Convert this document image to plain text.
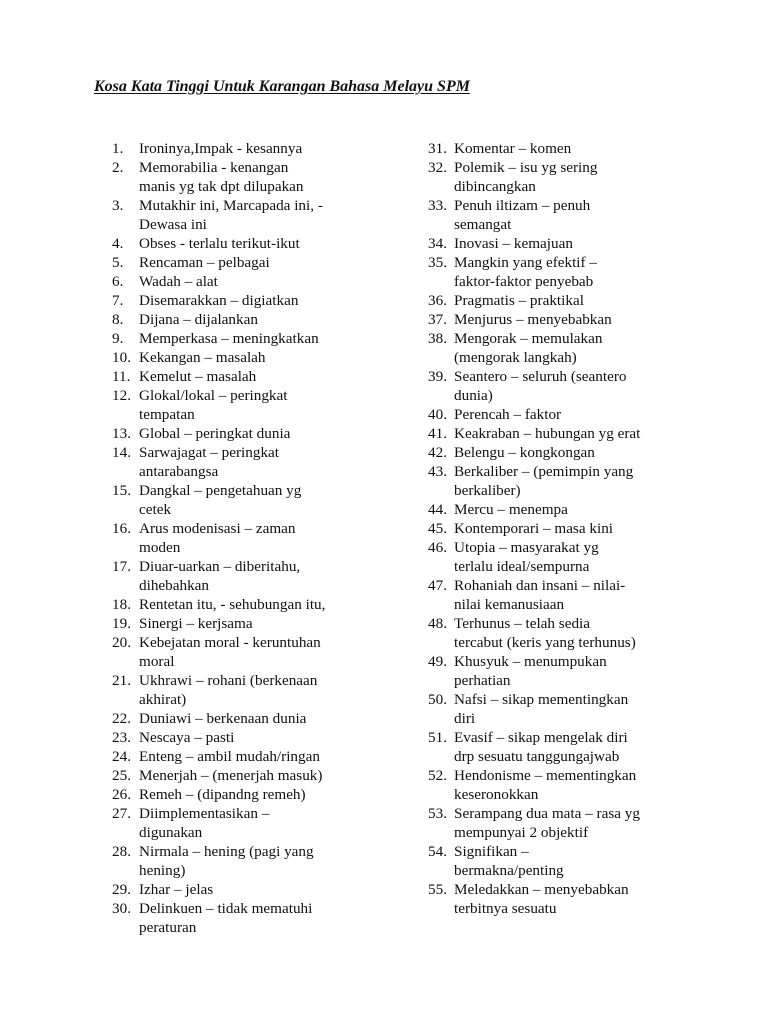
Kosa Kata Tinggi Untuk Karangan Bahasa Melayu SPM
1.	Ironinya,Impak - kesannya
2.	Memorabilia - kenangan
manis yg tak dpt dilupakan
3.	Mutakhir ini, Marcapada ini, -
Dewasa ini
4.	Obses - terlalu terikut-ikut
5.	Rencaman – pelbagai
6.	Wadah – alat
7.	Disemarakkan – digiatkan
8.	Dijana – dijalankan
9.	Memperkasa – meningkatkan
10. Kekangan – masalah
11. Kemelut – masalah
12. Glokal/lokal – peringkat
tempatan
13. Global – peringkat dunia
14. Sarwajagat – peringkat
antarabangsa
15. Dangkal – pengetahuan yg
cetek
16. Arus modenisasi – zaman
moden
17. Diuar-uarkan – diberitahu,
dihebahkan
18. Rentetan itu, - sehubungan itu,
19. Sinergi – kerjsama
20. Kebejatan moral - keruntuhan
moral
21. Ukhrawi – rohani (berkenaan
akhirat)
22. Duniawi – berkenaan dunia
23. Nescaya – pasti
24. Enteng – ambil mudah/ringan
25. Menerjah – (menerjah masuk)
26. Remeh – (dipandng remeh)
27. Diimplementasikan –
digunakan
28. Nirmala – hening (pagi yang
hening)
29. Izhar – jelas
30. Delinkuen – tidak mematuhi
peraturan
31. Komentar – komen
32. Polemik – isu yg sering
dibincangkan
33. Penuh iltizam – penuh
semangat
34. Inovasi – kemajuan
35. Mangkin yang efektif –
faktor-faktor penyebab
36. Pragmatis – praktikal
37. Menjurus – menyebabkan
38. Mengorak – memulakan
(mengorak langkah)
39. Seantero – seluruh (seantero
dunia)
40. Perencah – faktor
41. Keakraban – hubungan yg erat
42. Belengu – kongkongan
43. Berkaliber – (pemimpin yang
berkaliber)
44. Mercu – menempa
45. Kontemporari – masa kini
46. Utopia – masyarakat yg
terlalu ideal/sempurna
47. Rohaniah dan insani – nilai-
nilai kemanusiaan
48. Terhunus – telah sedia
tercabut (keris yang terhunus)
49. Khusyuk – menumpukan
perhatian
50. Nafsi – sikap mementingkan
diri
51. Evasif – sikap mengelak diri
drp sesuatu tanggungajwab
52. Hendonisme – mementingkan
keseronokkan
53. Serampang dua mata – rasa yg
mempunyai 2 objektif
54. Signifikan –
bermakna/penting
55. Meledakkan – menyebabkan
terbitnya sesuatu
